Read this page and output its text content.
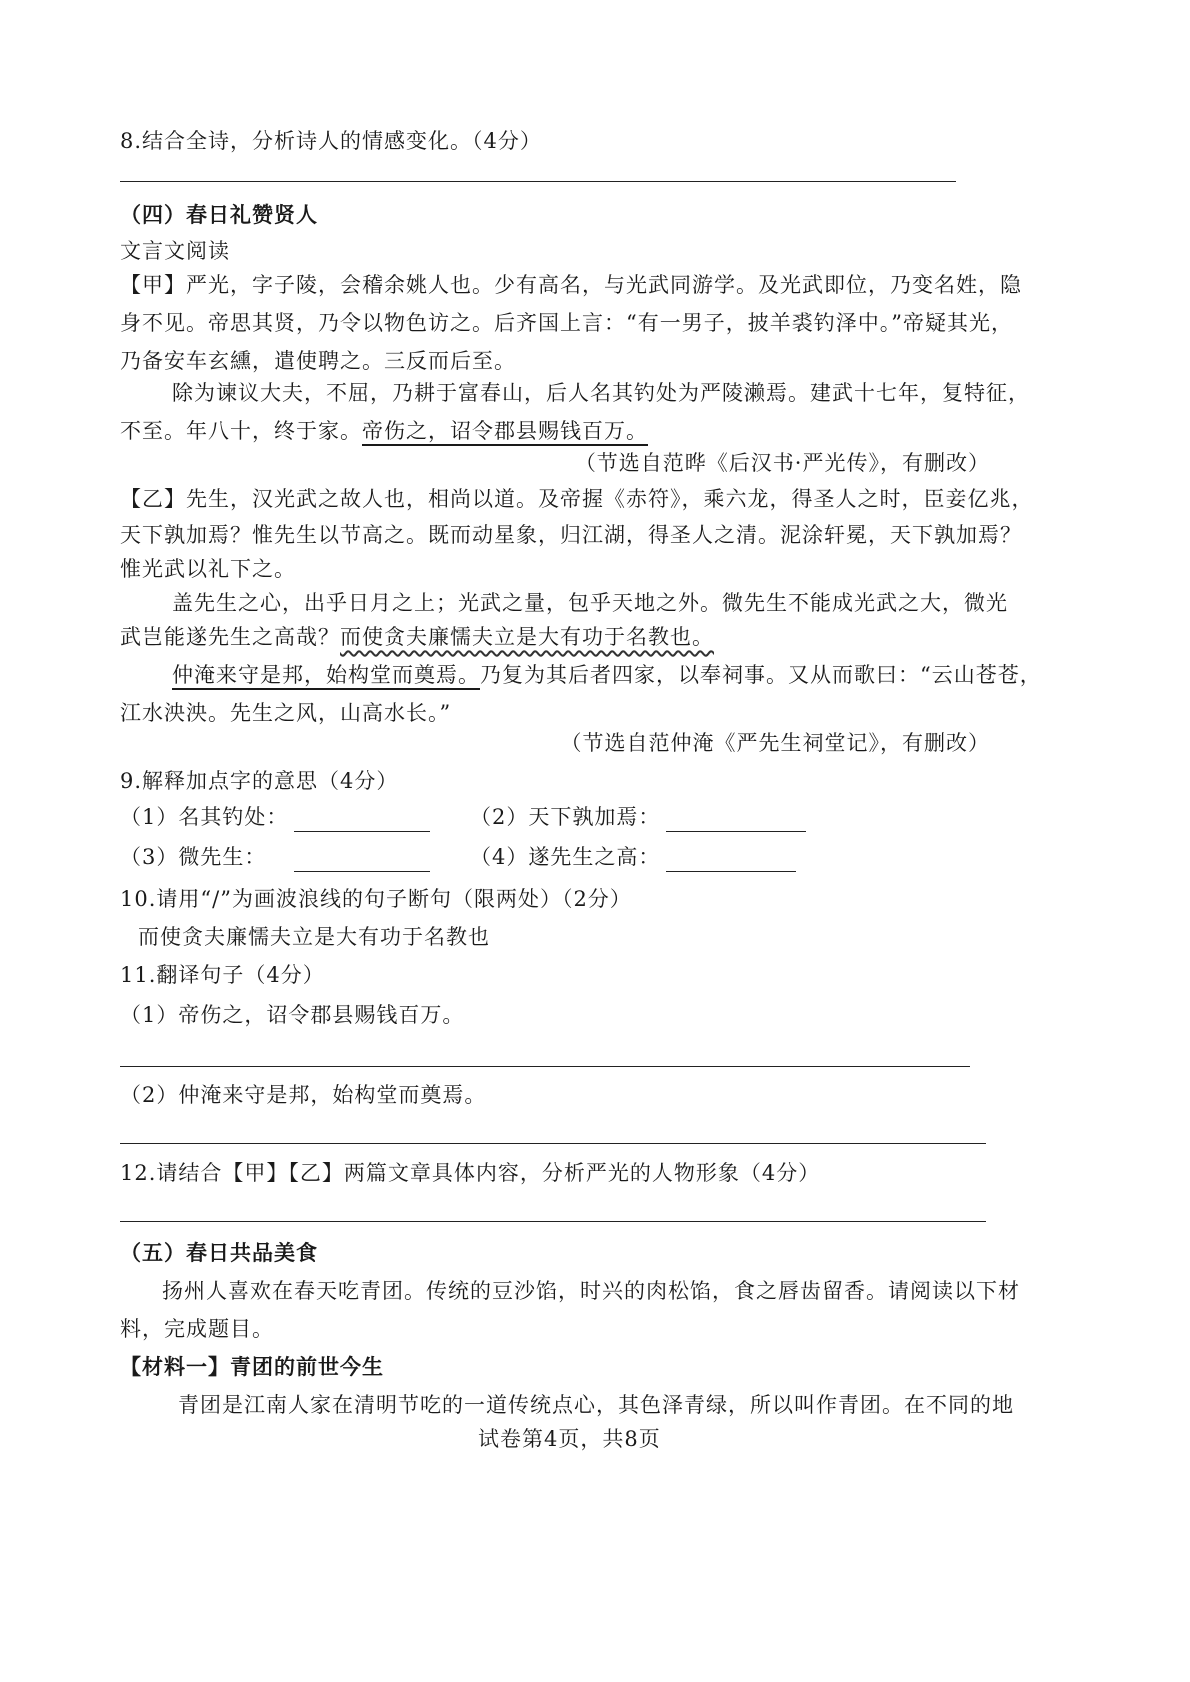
8.结合全诗，分析诗人的情感变化。（4分）
（四）春日礼赞贤人
文言文阅读
【甲】严光，字子陵，会稽余姚人也。少有高名，与光武同游学。及光武即位，乃变名姓，隐
身不见。帝思其贤，乃令以物色访之。后齐国上言：“有一男子，披羊裘钓泽中。”帝疑其光，
乃备安车玄纁，遣使聘之。三反而后至。
除为谏议大夫，不屈，乃耕于富春山，后人名其钓处为严陵濑焉。建武十七年，复特征，
不至。年八十，终于家。帝伤之，诏令郡县赐钱百万。
（节选自范晔《后汉书·严光传》，有删改）
【乙】先生，汉光武之故人也，相尚以道。及帝握《赤符》，乘六龙，得圣人之时，臣妾亿兆，
天下孰加焉？惟先生以节高之。既而动星象，归江湖，得圣人之清。泥涂轩冕，天下孰加焉？
惟光武以礼下之。
盖先生之心，出乎日月之上；光武之量，包乎天地之外。微先生不能成光武之大，微光
武岂能遂先生之高哉？而使贪夫廉懦夫立是大有功于名教也。
仲淹来守是邦，始构堂而奠焉。乃复为其后者四家，以奉祠事。又从而歌曰：“云山苍苍，
江水泱泱。先生之风，山高水长。”
（节选自范仲淹《严先生祠堂记》，有删改）
9.解释加点字的意思（4分）
（1）名其钓处：	（2）天下孰加焉：
（3）微先生：	（4）遂先生之高：
10.请用“/”为画波浪线的句子断句（限两处）（2分）
而使贪夫廉懦夫立是大有功于名教也
11.翻译句子（4分）
（1）帝伤之，诏令郡县赐钱百万。
（2）仲淹来守是邦，始构堂而奠焉。
12.请结合【甲】【乙】两篇文章具体内容，分析严光的人物形象（4分）
（五）春日共品美食
扬州人喜欢在春天吃青团。传统的豆沙馅，时兴的肉松馅，食之唇齿留香。请阅读以下材
料，完成题目。
【材料一】青团的前世今生
青团是江南人家在清明节吃的一道传统点心，其色泽青绿，所以叫作青团。在不同的地
试卷第4页，共8页
